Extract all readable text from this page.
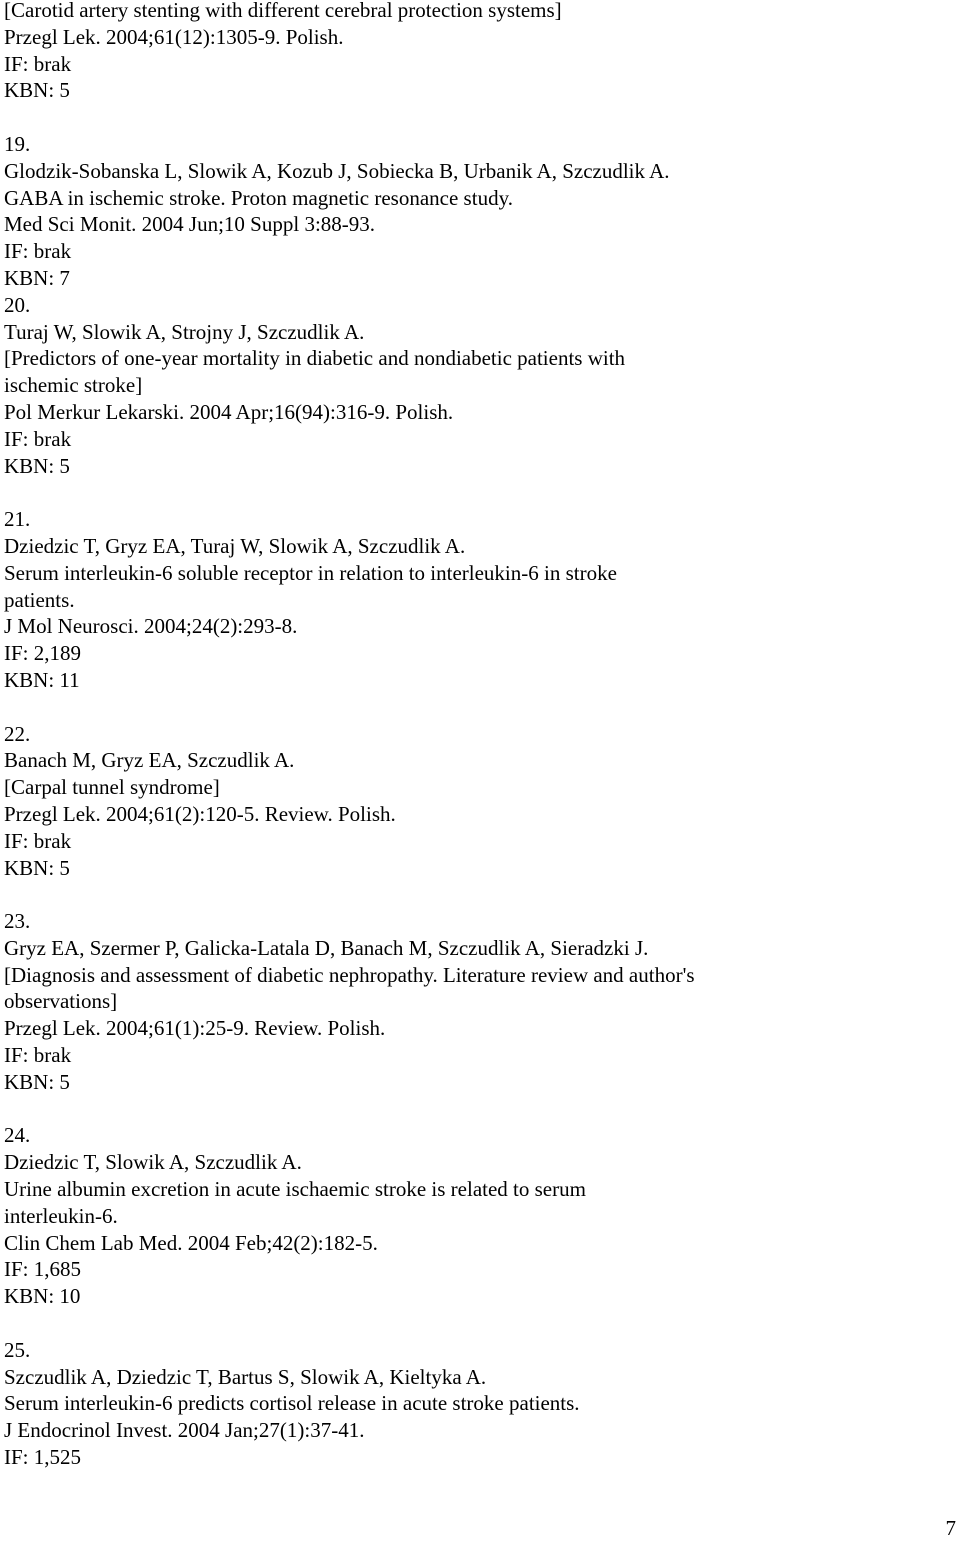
[Carotid artery stenting with different cerebral protection systems]
Przegl Lek. 2004;61(12):1305-9. Polish.
IF: brak
KBN: 5
19.
Glodzik-Sobanska L, Slowik A, Kozub J, Sobiecka B, Urbanik A, Szczudlik A.
GABA in ischemic stroke. Proton magnetic resonance study.
Med Sci Monit. 2004 Jun;10 Suppl 3:88-93.
IF: brak
KBN: 7
20.
Turaj W, Slowik A, Strojny J, Szczudlik A.
[Predictors of one-year mortality in diabetic and nondiabetic patients with
ischemic stroke]
Pol Merkur Lekarski. 2004 Apr;16(94):316-9. Polish.
IF: brak
KBN: 5
21.
Dziedzic T, Gryz EA, Turaj W, Slowik A, Szczudlik A.
Serum interleukin-6 soluble receptor in relation to interleukin-6 in stroke
patients.
J Mol Neurosci. 2004;24(2):293-8.
IF: 2,189
KBN: 11
22.
Banach M, Gryz EA, Szczudlik A.
[Carpal tunnel syndrome]
Przegl Lek. 2004;61(2):120-5. Review. Polish.
IF: brak
KBN: 5
23.
Gryz EA, Szermer P, Galicka-Latala D, Banach M, Szczudlik A, Sieradzki J.
[Diagnosis and assessment of diabetic nephropathy. Literature review and author's
observations]
Przegl Lek. 2004;61(1):25-9. Review. Polish.
IF: brak
KBN: 5
24.
Dziedzic T, Slowik A, Szczudlik A.
Urine albumin excretion in acute ischaemic stroke is related to serum
interleukin-6.
Clin Chem Lab Med. 2004 Feb;42(2):182-5.
IF: 1,685
KBN: 10
25.
Szczudlik A, Dziedzic T, Bartus S, Slowik A, Kieltyka A.
Serum interleukin-6 predicts cortisol release in acute stroke patients.
J Endocrinol Invest. 2004 Jan;27(1):37-41.
IF: 1,525
7
